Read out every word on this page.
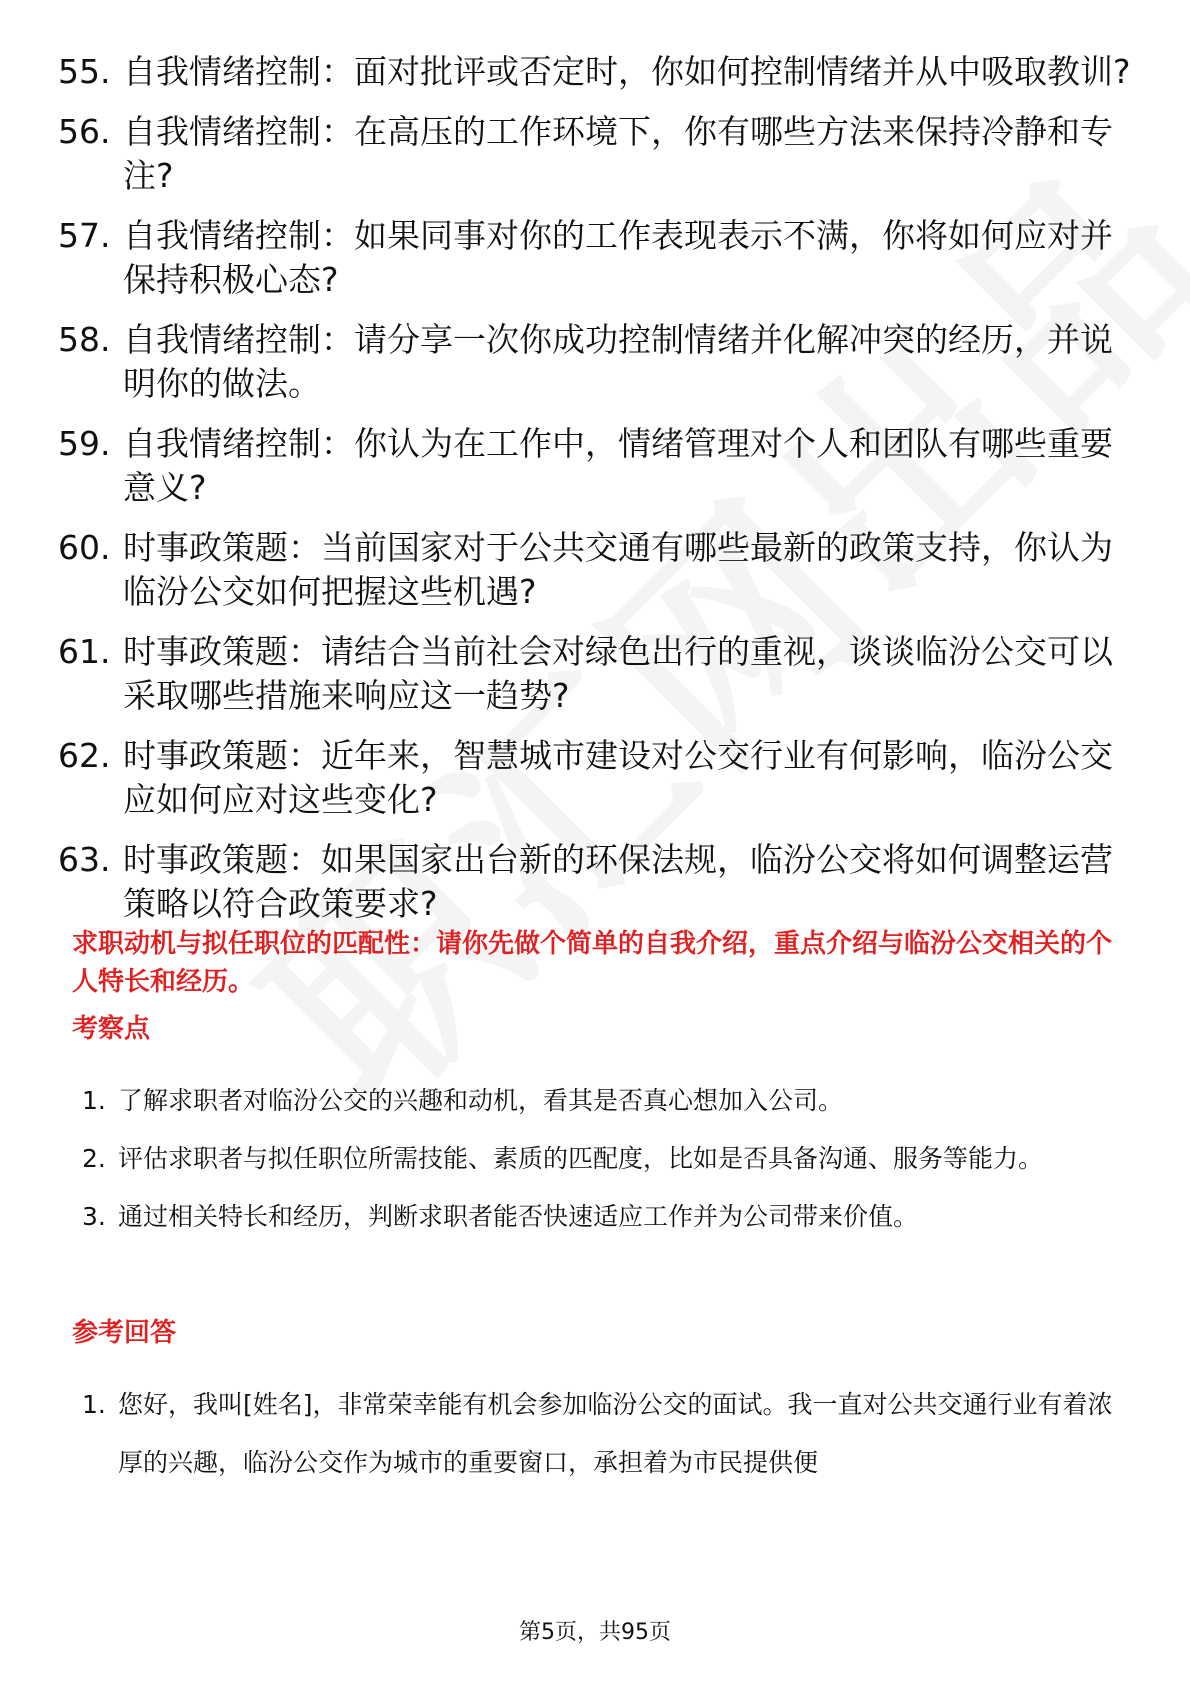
55. 自我情绪控制：面对批评或否定时，你如何控制情绪并从中吸取教训?
56. 自我情绪控制：在高压的工作环境下，你有哪些方法来保持冷静和专注?
57. 自我情绪控制：如果同事对你的工作表现表示不满，你将如何应对并保持积极心态?
58. 自我情绪控制：请分享一次你成功控制情绪并化解冲突的经历，并说明你的做法。
59. 自我情绪控制：你认为在工作中，情绪管理对个人和团队有哪些重要意义?
60. 时事政策题：当前国家对于公共交通有哪些最新的政策支持，你认为临汾公交如何把握这些机遇?
61. 时事政策题：请结合当前社会对绿色出行的重视，谈谈临汾公交可以采取哪些措施来响应这一趋势?
62. 时事政策题：近年来，智慧城市建设对公交行业有何影响，临汾公交应如何应对这些变化?
63. 时事政策题：如果国家出台新的环保法规，临汾公交将如何调整运营策略以符合政策要求?
求职动机与拟任职位的匹配性：请你先做个简单的自我介绍，重点介绍与临汾公交相关的个人特长和经历。
考察点
1. 了解求职者对临汾公交的兴趣和动机，看其是否真心想加入公司。
2. 评估求职者与拟任职位所需技能、素质的匹配度，比如是否具备沟通、服务等能力。
3. 通过相关特长和经历，判断求职者能否快速适应工作并为公司带来价值。
参考回答
1. 您好，我叫[姓名]，非常荣幸能有机会参加临汾公交的面试。我一直对公共交通行业有着浓厚的兴趣，临汾公交作为城市的重要窗口，承担着为市民提供便
第5页，共95页
